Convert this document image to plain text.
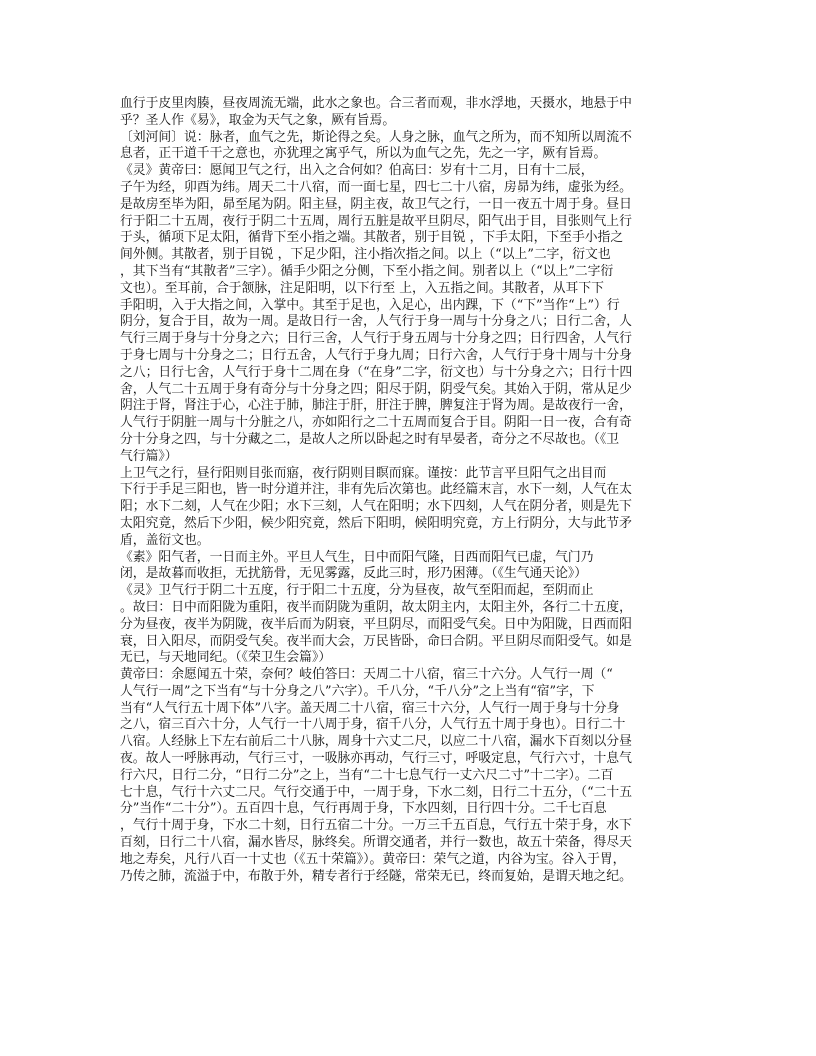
血行于皮里肉腠，昼夜周流无端，此水之象也。合三者而观，非水浮地，天摄水，地悬于中
乎？圣人作《易》，取金为天气之象，厥有旨焉。
〔刘河间〕说：脉者，血气之先，斯论得之矣。人身之脉，血气之所为，而不知所以周流不
息者，正干道千干之意也，亦犹理之寓乎气，所以为血气之先，先之一字，厥有旨焉。
《灵》黄帝曰：愿闻卫气之行，出入之合何如？伯高曰：岁有十二月，日有十二辰，
子午为经，卯酉为纬。周天二十八宿，而一面七星，四七二十八宿，房昴为纬，虚张为经。
是故房至毕为阳，昴至尾为阴。阳主昼，阴主夜，故卫气之行，一日一夜五十周于身。昼日
行于阳二十五周，夜行于阴二十五周，周行五脏是故平旦阴尽，阳气出于目，目张则气上行
于头，循项下足太阳，循背下至小指之端。其散者，别于目锐 ，下手太阳，下至手小指之
间外侧。其散者，别于目锐 ，下足少阳，注小指次指之间。以上（“以上”二字，衍文也
，其下当有“其散者”三字）。循手少阳之分侧，下至小指之间。别者以上（“以上”二字衍
文也）。至耳前，合于颔脉，注足阳明，以下行至 上，入五指之间。其散者，从耳下下
手阳明，入于大指之间，入掌中。其至于足也，入足心，出内踝，下（“下”当作“上”）行
阴分，复合于目，故为一周。是故日行一舍，人气行于身一周与十分身之八；日行二舍，人
气行三周于身与十分身之六；日行三舍，人气行于身五周与十分身之四；日行四舍，人气行
于身七周与十分身之二；日行五舍，人气行于身九周；日行六舍，人气行于身十周与十分身
之八；日行七舍，人气行于身十二周在身（“在身”二字，衍文也）与十分身之六；日行十四
舍，人气二十五周于身有奇分与十分身之四；阳尽于阴，阴受气矣。其始入于阴，常从足少
阴注于肾，肾注于心，心注于肺，肺注于肝，肝注于脾，脾复注于肾为周。是故夜行一舍，
人气行于阴脏一周与十分脏之八，亦如阳行之二十五周而复合于目。阴阳一日一夜，合有奇
分十分身之四，与十分藏之二，是故人之所以卧起之时有早晏者，奇分之不尽故也。（《卫
气行篇》）
上卫气之行，昼行阳则目张而寤，夜行阴则目瞑而寐。谨按：此节言平旦阳气之出目而
下行于手足三阳也，皆一时分道并注，非有先后次第也。此经篇末言，水下一刻，人气在太
阳；水下二刻，人气在少阳；水下三刻，人气在阳明；水下四刻，人气在阴分者，则是先下
太阳究竟，然后下少阳，候少阳究竟，然后下阳明，候阳明究竟，方上行阴分，大与此节矛
盾，盖衍文也。
《素》阳气者，一日而主外。平旦人气生，日中而阳气隆，日西而阳气已虚，气门乃
闭，是故暮而收拒，无扰筋骨，无见雾露，反此三时，形乃困薄。（《生气通天论》）
《灵》卫气行于阴二十五度，行于阳二十五度，分为昼夜，故气至阳而起，至阴而止
。故曰：日中而阳陇为重阳，夜半而阴陇为重阴，故太阴主内，太阳主外，各行二十五度，
分为昼夜，夜半为阴陇，夜半后而为阴衰，平旦阴尽，而阳受气矣。日中为阳陇，日西而阳
衰，日入阳尽，而阴受气矣。夜半而大会，万民皆卧，命曰合阴。平旦阴尽而阳受气。如是
无已，与天地同纪。（《荣卫生会篇》）
黄帝曰：余愿闻五十荣，奈何？岐伯答曰：天周二十八宿，宿三十六分。人气行一周（“
人气行一周”之下当有“与十分身之八”六字）。千八分，“千八分”之上当有“宿”字，下
当有“人气行五十周下体”八字。盖天周二十八宿，宿三十六分，人气行一周于身与十分身
之八，宿三百六十分，人气行一十八周于身，宿千八分，人气行五十周于身也）。日行二十
八宿。人经脉上下左右前后二十八脉，周身十六丈二尺，以应二十八宿，漏水下百刻以分昼
夜。故人一呼脉再动，气行三寸，一吸脉亦再动，气行三寸，呼吸定息，气行六寸，十息气
行六尺，日行二分，“日行二分”之上，当有“二十七息气行一丈六尺二寸”十二字）。二百
七十息，气行十六丈二尺。气行交通于中，一周于身，下水二刻，日行二十五分，（“二十五
分”当作“二十分”）。五百四十息，气行再周于身，下水四刻，日行四十分。二千七百息
，气行十周于身，下水二十刻，日行五宿二十分。一万三千五百息，气行五十荣于身，水下
百刻，日行二十八宿，漏水皆尽，脉终矣。所谓交通者，并行一数也，故五十荣备，得尽天
地之寿矣，凡行八百一十丈也（《五十荣篇》）。黄帝曰：荣气之道，内谷为宝。谷入于胃，
乃传之肺，流溢于中，布散于外，精专者行于经隧，常荣无已，终而复始，是谓天地之纪。
